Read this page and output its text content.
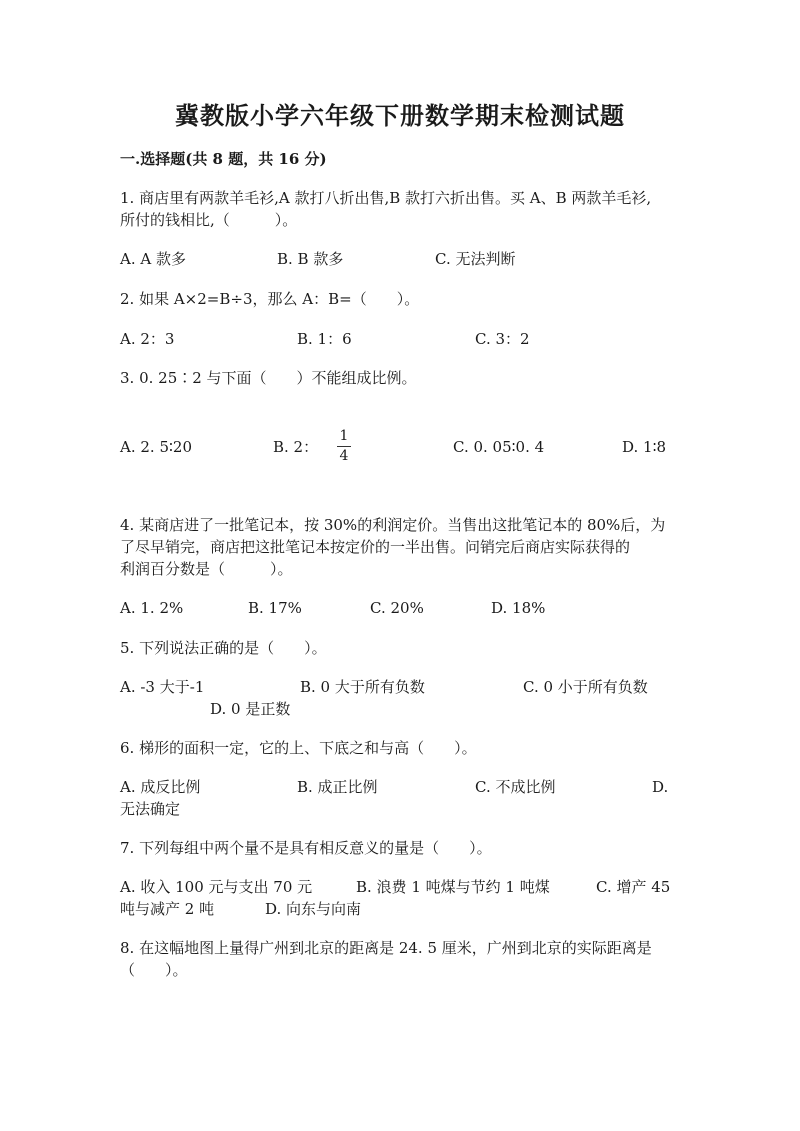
冀教版小学六年级下册数学期末检测试题
一.选择题(共 8 题，共 16 分)
1. 商店里有两款羊毛衫,A 款打八折出售,B 款打六折出售。买 A、B 两款羊毛衫,
所付的钱相比,（　　　）。
A. A 款多	B. B 款多	C. 无法判断
2. 如果 A×2=B÷3，那么 A：B=（　　）。
A. 2：3	B. 1：6	C. 3：2
3. 0. 25∶2 与下面（　　）不能组成比例。
A. 2. 5∶20	B. 2：
1
4	C. 0. 05∶0. 4	D. 1∶8
4. 某商店进了一批笔记本，按 30%的利润定价。当售出这批笔记本的 80%后，为
了尽早销完，商店把这批笔记本按定价的一半出售。问销完后商店实际获得的
利润百分数是（　　　）。
A. 1. 2%	B. 17%	C. 20%	D. 18%
5. 下列说法正确的是（　　）。
A. -3 大于-1	B. 0 大于所有负数	C. 0 小于所有负数
D. 0 是正数
6. 梯形的面积一定，它的上、下底之和与高（　　）。
A. 成反比例	B. 成正比例	C. 不成比例	D.
无法确定
7. 下列每组中两个量不是具有相反意义的量是（　　）。
A. 收入 100 元与支出 70 元	B. 浪费 1 吨煤与节约 1 吨煤	C. 增产 45
吨与减产 2 吨	D. 向东与向南
8. 在这幅地图上量得广州到北京的距离是 24. 5 厘米，广州到北京的实际距离是
（　　）。
